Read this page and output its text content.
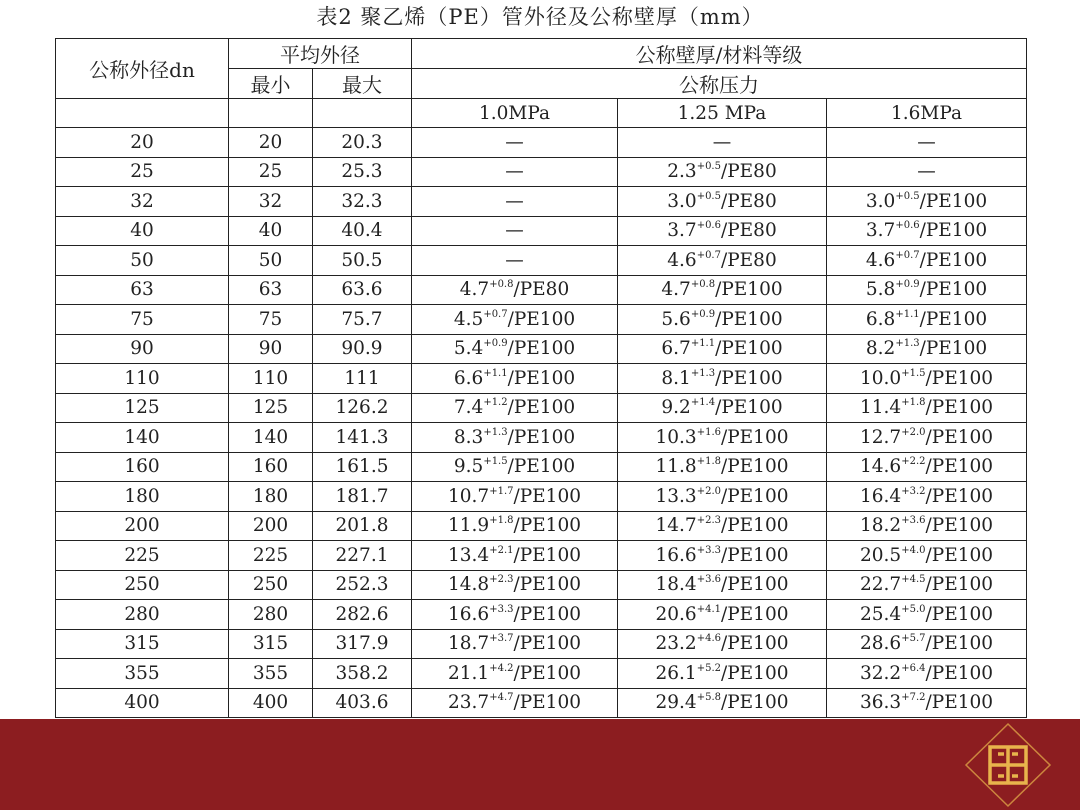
表2 聚乙烯（PE）管外径及公称壁厚（mm）
公称外径dn	平均外径		公称壁厚/材料等级		
	最小	最大	公称压力		
			1.0MPa	1.25 MPa	1.6MPa
20	20	20.3	—	—	—
25	25	25.3	—	$2.3^{+0.5}/PE80$	—
32	32	32.3	—	$3.0^{+0.5}/PE80$	$3.0^{+0.5}/PE100$
40	40	40.4	—	$3.7^{+0.6}/PE80$	$3.7^{+0.6}/PE100$
50	50	50.5	—	$4.6^{+0.7}/PE80$	$4.6^{+0.7}/PE100$
63	63	63.6	$4.7^{+0.8}/PE80$	$4.7^{+0.8}/PE100$	$5.8^{+0.9}/PE100$
75	75	75.7	$4.5^{+0.7}/PE100$	$5.6^{+0.9}/PE100$	$6.8^{+1.1}/PE100$
90	90	90.9	$5.4^{+0.9}/PE100$	$6.7^{+1.1}/PE100$	$8.2^{+1.3}/PE100$
110	110	111	$6.6^{+1.1}/PE100$	$8.1^{+1.3}/PE100$	$10.0^{+1.5}/PE100$
125	125	126.2	$7.4^{+1.2}/PE100$	$9.2^{+1.4}/PE100$	$11.4^{+1.8}/PE100$
140	140	141.3	$8.3^{+1.3}/PE100$	$10.3^{+1.6}/PE100$	$12.7^{+2.0}/PE100$
160	160	161.5	$9.5^{+1.5}/PE100$	$11.8^{+1.8}/PE100$	$14.6^{+2.2}/PE100$
180	180	181.7	$10.7^{+1.7}/PE100$	$13.3^{+2.0}/PE100$	$16.4^{+3.2}/PE100$
200	200	201.8	$11.9^{+1.8}/PE100$	$14.7^{+2.3}/PE100$	$18.2^{+3.6}/PE100$
225	225	227.1	$13.4^{+2.1}/PE100$	$16.6^{+3.3}/PE100$	$20.5^{+4.0}/PE100$
250	250	252.3	$14.8^{+2.3}/PE100$	$18.4^{+3.6}/PE100$	$22.7^{+4.5}/PE100$
280	280	282.6	$16.6^{+3.3}/PE100$	$20.6^{+4.1}/PE100$	$25.4^{+5.0}/PE100$
315	315	317.9	$18.7^{+3.7}/PE100$	$23.2^{+4.6}/PE100$	$28.6^{+5.7}/PE100$
355	355	358.2	$21.1^{+4.2}/PE100$	$26.1^{+5.2}/PE100$	$32.2^{+6.4}/PE100$
400	400	403.6	$23.7^{+4.7}/PE100$	$29.4^{+5.8}/PE100$	$36.3^{+7.2}/PE100$
